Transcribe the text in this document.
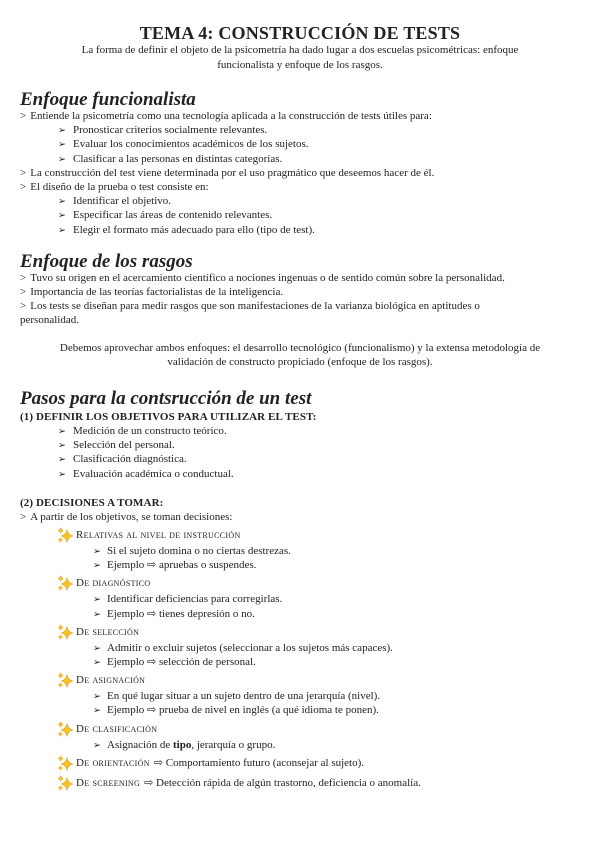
TEMA 4: CONSTRUCCIÓN DE TESTS

La forma de definir el objeto de la psicometría ha dado lugar a dos escuelas psicométricas: enfoque
funcionalista y enfoque de los rasgos.

Enfoque funcionalista
> Entiende la psicometría como una tecnología aplicada a la construcción de tests útiles para:
➢ Pronosticar criterios socialmente relevantes.
➢ Evaluar los conocimientos académicos de los sujetos.
➢ Clasificar a las personas en distintas categorías.
> La construcción del test viene determinada por el uso pragmático que deseemos hacer de él.
> El diseño de la prueba o test consiste en:
➢ Identificar el objetivo.
➢ Especificar las áreas de contenido relevantes.
➢ Elegir el formato más adecuado para ello (tipo de test).
Enfoque de los rasgos
> Tuvo su origen en el acercamiento científico a nociones ingenuas o de sentido común sobre la personalidad.
> Importancia de las teorías factorialistas de la inteligencia.
> Los tests se diseñan para medir rasgos que son manifestaciones de la varianza biológica en aptitudes o
personalidad.

Debemos aprovechar ambos enfoques: el desarrollo tecnológico (funcionalismo) y la extensa metodología de
validación de constructo propiciado (enfoque de los rasgos).

Pasos para la contsrucción de un test
(1) DEFINIR LOS OBJETIVOS PARA UTILIZAR EL TEST:
➢ Medición de un constructo teórico.
➢ Selección del personal.
➢ Clasificación diagnóstica.
➢ Evaluación académica o conductual.
(2) DECISIONES A TOMAR:
> A partir de los objetivos, se toman decisiones:
Relativas al nivel de instrucción
➢ Si el sujeto domina o no ciertas destrezas.
➢ Ejemplo ⇨ apruebas o suspendes.
De diagnóstico
➢ Identificar deficiencias para corregirlas.
➢ Ejemplo ⇨ tienes depresión o no.
De selección
➢ Admitir o excluir sujetos (seleccionar a los sujetos más capaces).
➢ Ejemplo ⇨ selección de personal.
De asignación
➢ En qué lugar situar a un sujeto dentro de una jerarquía (nivel).
➢ Ejemplo ⇨ prueba de nivel en inglés (a qué idioma te ponen).
De clasificación
➢ Asignación de tipo, jerarquía o grupo.
De orientación ⇨ Comportamiento futuro (aconsejar al sujeto).
De screening ⇨ Detección rápida de algún trastorno, deficiencia o anomalía.
